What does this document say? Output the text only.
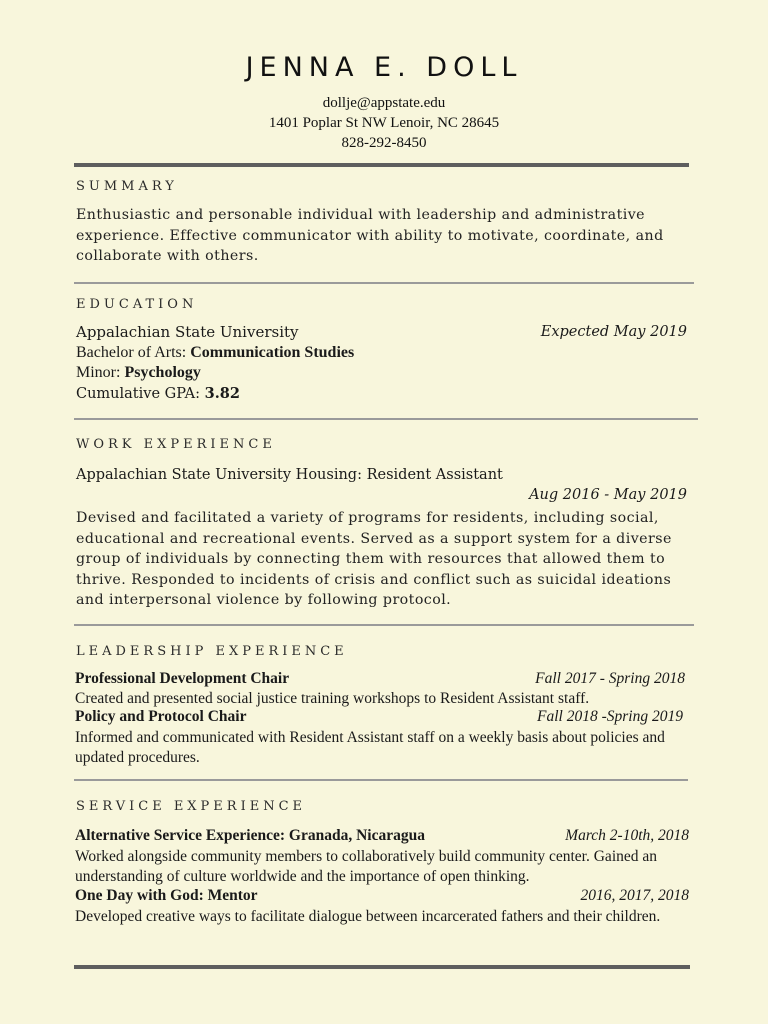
JENNA E. DOLL
dollje@appstate.edu
1401 Poplar St NW Lenoir, NC 28645
828-292-8450
SUMMARY
Enthusiastic and personable individual with leadership and administrative experience. Effective communicator with ability to motivate, coordinate, and collaborate with others.
EDUCATION
Appalachian State University	Expected May 2019
Bachelor of Arts: Communication Studies
Minor: Psychology
Cumulative GPA: 3.82
WORK EXPERIENCE
Appalachian State University Housing: Resident Assistant
Aug 2016 - May 2019
Devised and facilitated a variety of programs for residents, including social, educational and recreational events. Served as a support system for a diverse group of individuals by connecting them with resources that allowed them to thrive. Responded to incidents of crisis and conflict such as suicidal ideations and interpersonal violence by following protocol.
LEADERSHIP EXPERIENCE
Professional Development Chair	Fall 2017 - Spring 2018
Created and presented social justice training workshops to Resident Assistant staff.
Policy and Protocol Chair	Fall 2018 -Spring 2019
Informed and communicated with Resident Assistant staff on a weekly basis about policies and updated procedures.
SERVICE EXPERIENCE
Alternative Service Experience: Granada, Nicaragua	March 2-10th, 2018
Worked alongside community members to collaboratively build community center. Gained an understanding of culture worldwide and the importance of open thinking.
One Day with God: Mentor	2016, 2017, 2018
Developed creative ways to facilitate dialogue between incarcerated fathers and their children.
